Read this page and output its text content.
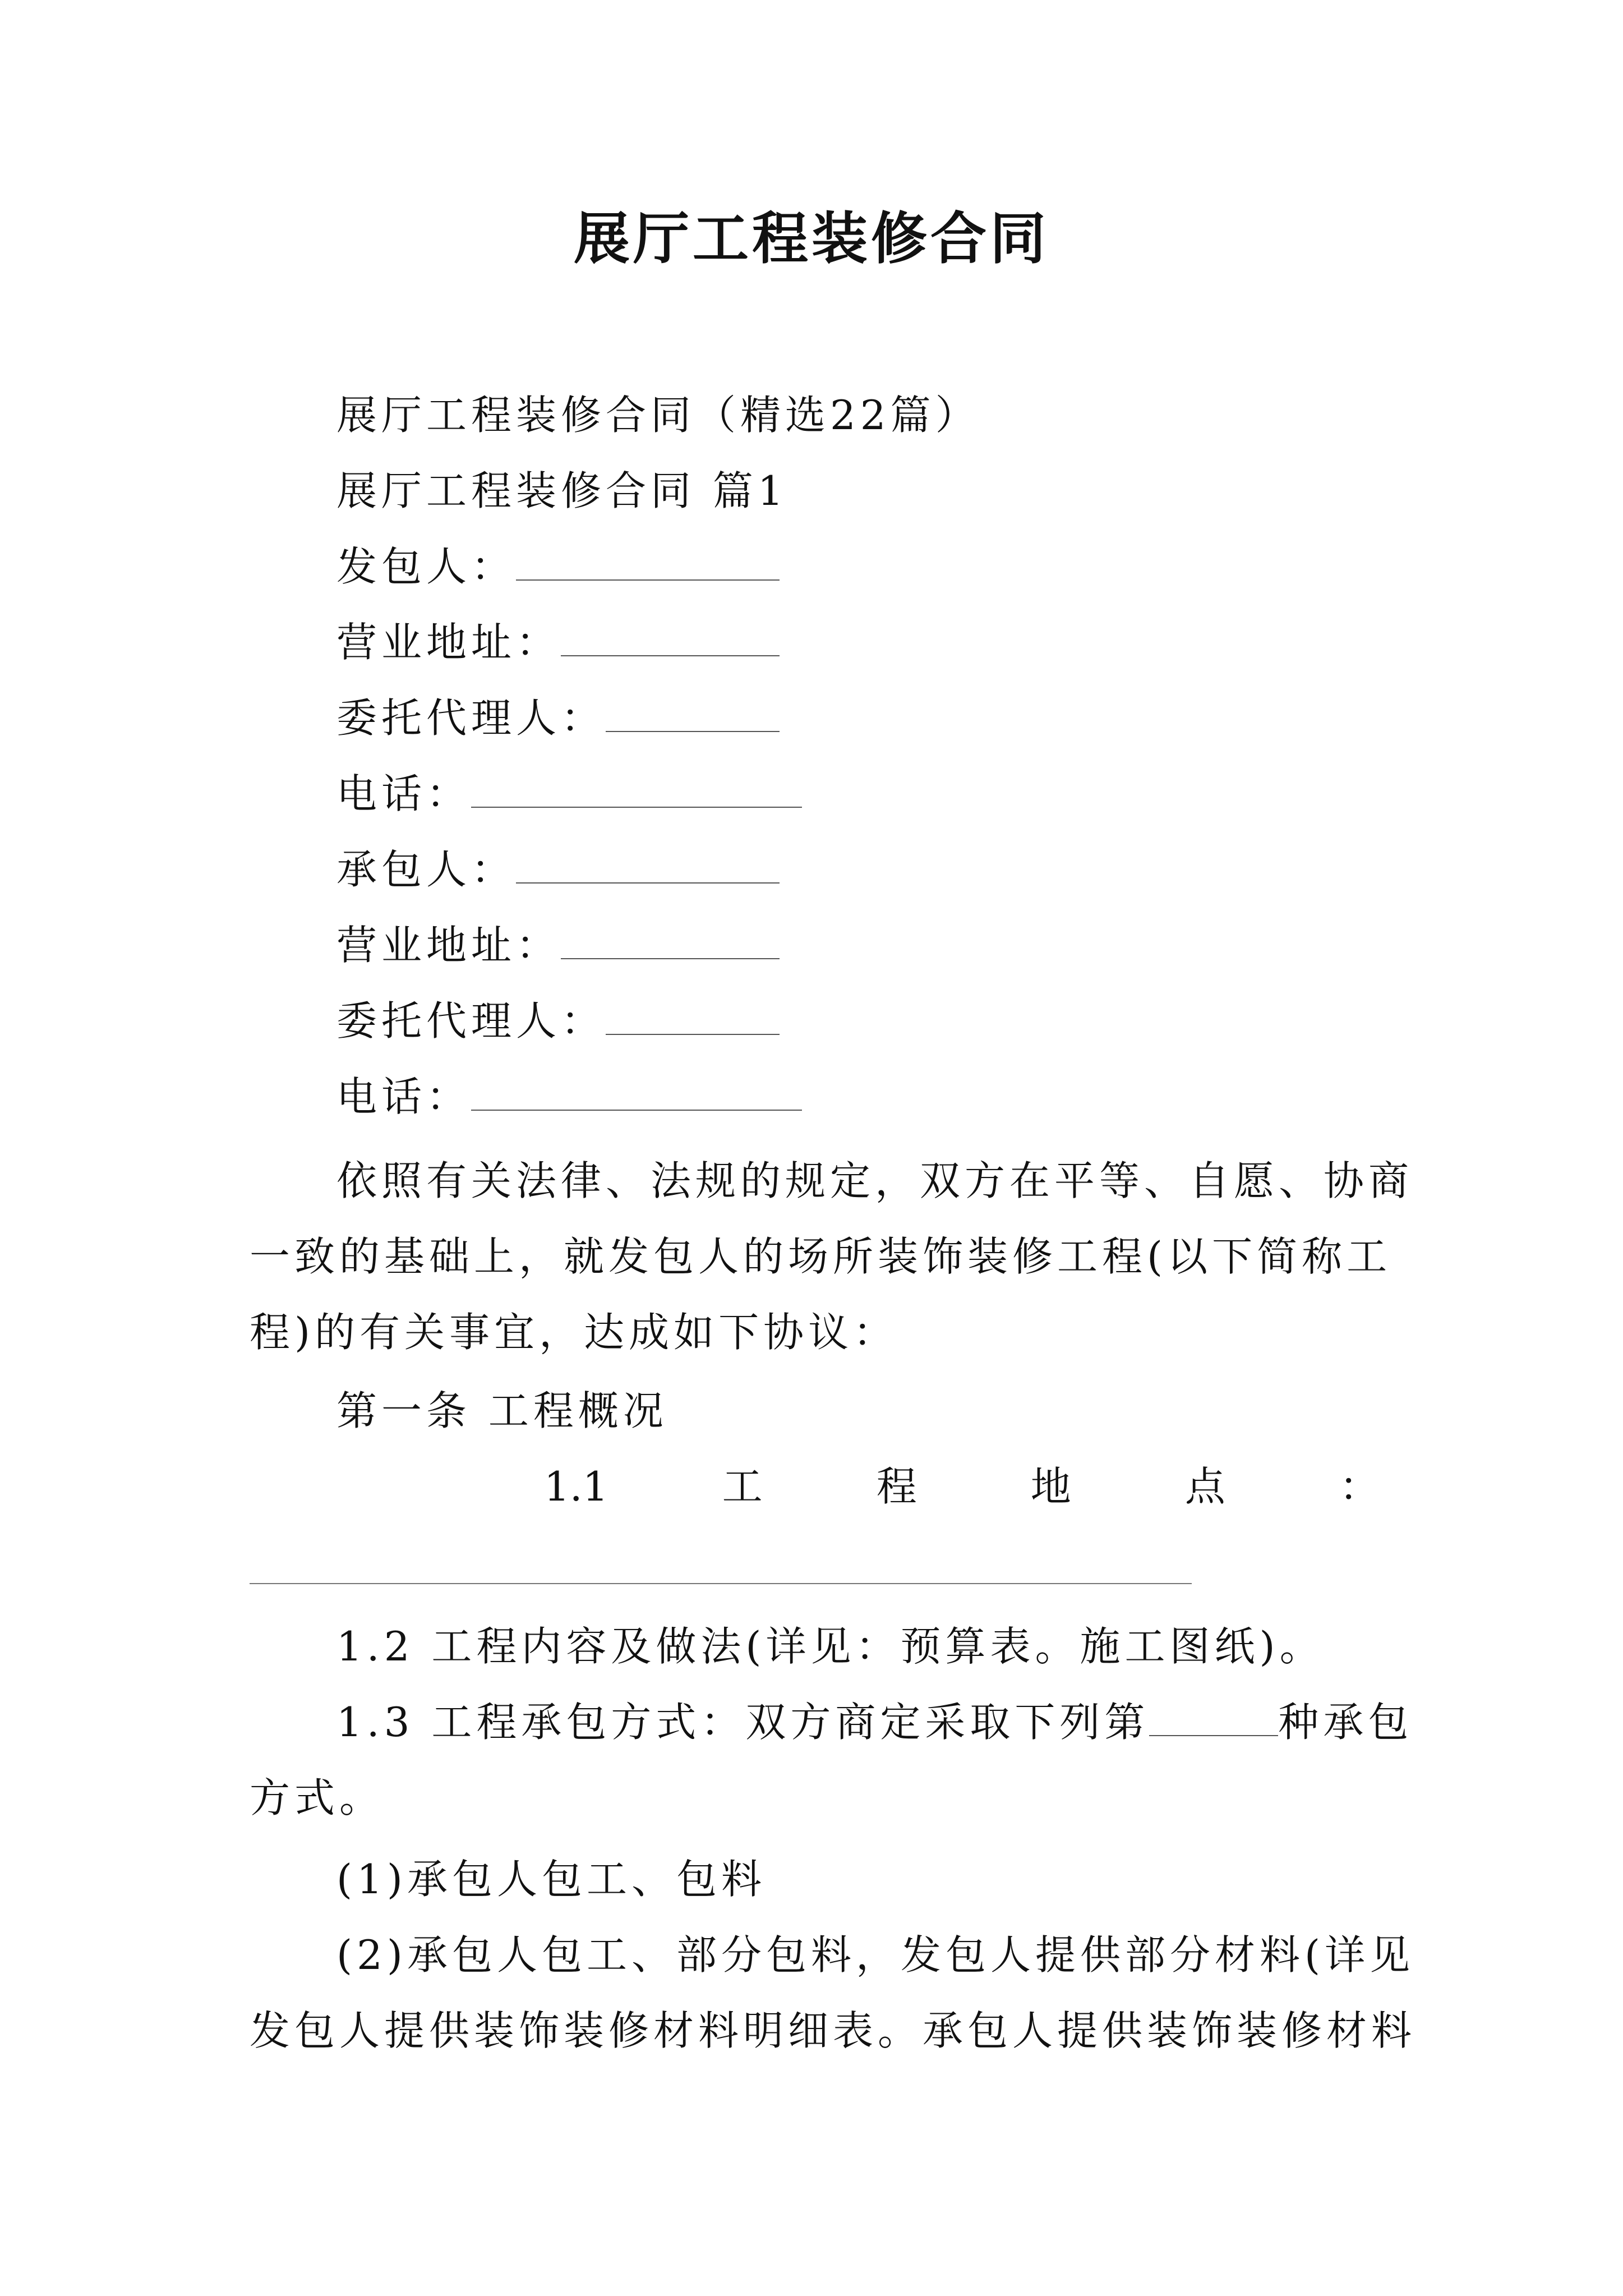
展厅工程装修合同
展厅工程装修合同（精选22篇）
展厅工程装修合同 篇1
发包人：
营业地址：
委托代理人：
电话：
承包人：
营业地址：
委托代理人：
电话：
依照有关法律、法规的规定，双方在平等、自愿、协商
一致的基础上，就发包人的场所装饰装修工程(以下简称工
程)的有关事宜，达成如下协议：
第一条 工程概况
1.1	工	程	地	点	：
1.2 工程内容及做法(详见：预算表。施工图纸)。
1.3 工程承包方式：双方商定采取下列第	种承包
方式。
(1)承包人包工、包料
(2)承包人包工、部分包料，发包人提供部分材料(详见
发包人提供装饰装修材料明细表。承包人提供装饰装修材料
